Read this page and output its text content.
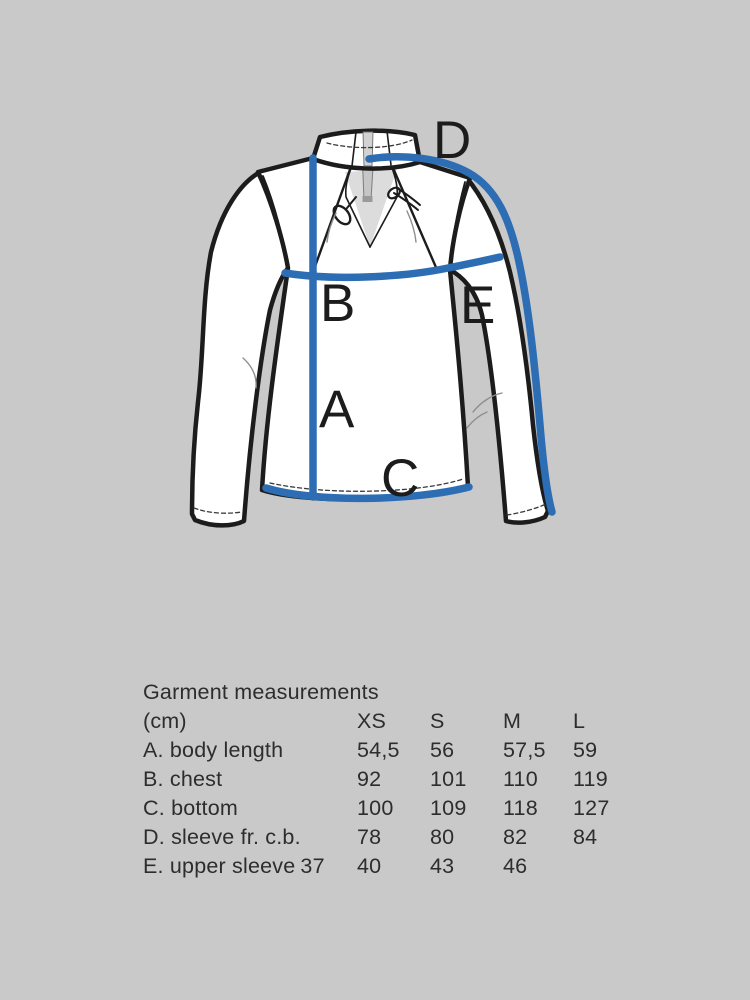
D
B E
A
C
Garment measurements
(cm)	XS	S	M	L
A. body length	54,5	56	57,5	59
B. chest	92	101	110	119
C. bottom	100	109	118	127
D. sleeve fr. c.b.	78	80	82	84
E. upper sleeve 37	40	43	46
